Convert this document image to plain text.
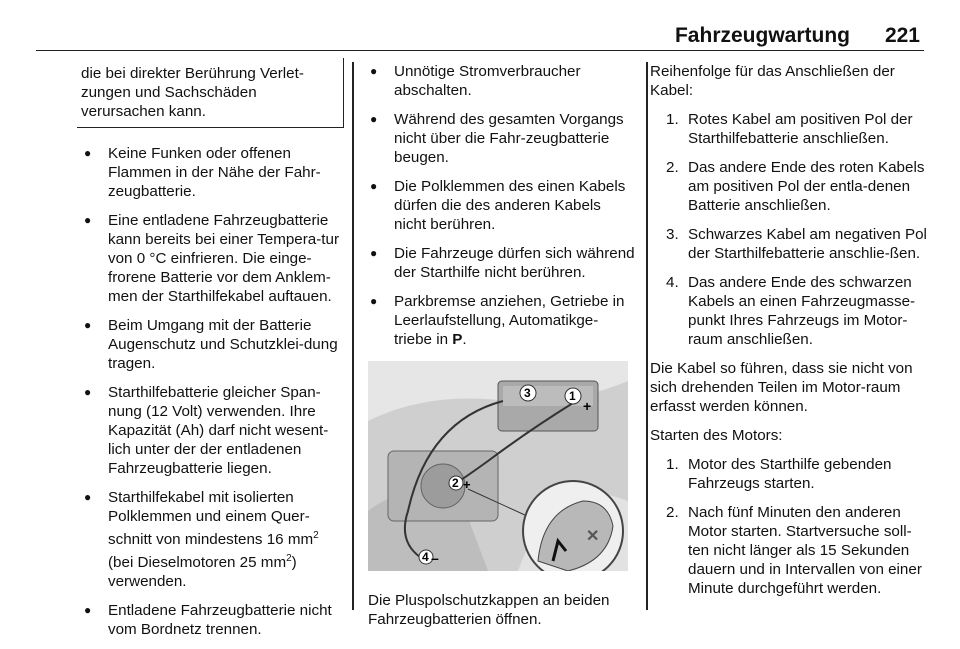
Fahrzeugwartung 221
die bei direkter Berührung Verlet-zungen und Sachschäden verursachen kann.
● Keine Funken oder offenen Flammen in der Nähe der Fahr-zeugbatterie.
● Eine entladene Fahrzeugbatterie kann bereits bei einer Tempera-tur von 0 °C einfrieren. Die einge-frorene Batterie vor dem Anklem-men der Starthilfekabel auftauen.
● Beim Umgang mit der Batterie Augenschutz und Schutzklei-dung tragen.
● Starthilfebatterie gleicher Span-nung (12 Volt) verwenden. Ihre Kapazität (Ah) darf nicht wesent-lich unter der der entladenen Fahrzeugbatterie liegen.
● Starthilfekabel mit isolierten Polklemmen und einem Quer-schnitt von mindestens 16 $mm^2$ (bei Dieselmotoren 25 $mm^2$) verwenden.
● Entladene Fahrzeugbatterie nicht vom Bordnetz trennen.
● Unnötige Stromverbraucher abschalten.
● Während des gesamten Vorgangs nicht über die Fahr-zeugbatterie beugen.
● Die Polklemmen des einen Kabels dürfen die des anderen Kabels nicht berühren.
● Die Fahrzeuge dürfen sich während der Starthilfe nicht berühren.
● Parkbremse anziehen, Getriebe in Leerlaufstellung, Automatikge-triebe in P.
3	1
2
4
+
+
–
✕

Die Pluspolschutzkappen an beiden Fahrzeugbatterien öffnen.

Reihenfolge für das Anschließen der Kabel:

1. Rotes Kabel am positiven Pol der Starthilfebatterie anschließen.
2. Das andere Ende des roten Kabels am positiven Pol der entla-denen Batterie anschließen.
3. Schwarzes Kabel am negativen Pol der Starthilfebatterie anschlie-ßen.
4. Das andere Ende des schwarzen Kabels an einen Fahrzeugmasse-punkt Ihres Fahrzeugs im Motor-raum anschließen.

Die Kabel so führen, dass sie nicht von sich drehenden Teilen im Motor-raum erfasst werden können.

Starten des Motors:

1. Motor des Starthilfe gebenden Fahrzeugs starten.
2. Nach fünf Minuten den anderen Motor starten. Startversuche soll-ten nicht länger als 15 Sekunden dauern und in Intervallen von einer Minute durchgeführt werden.
